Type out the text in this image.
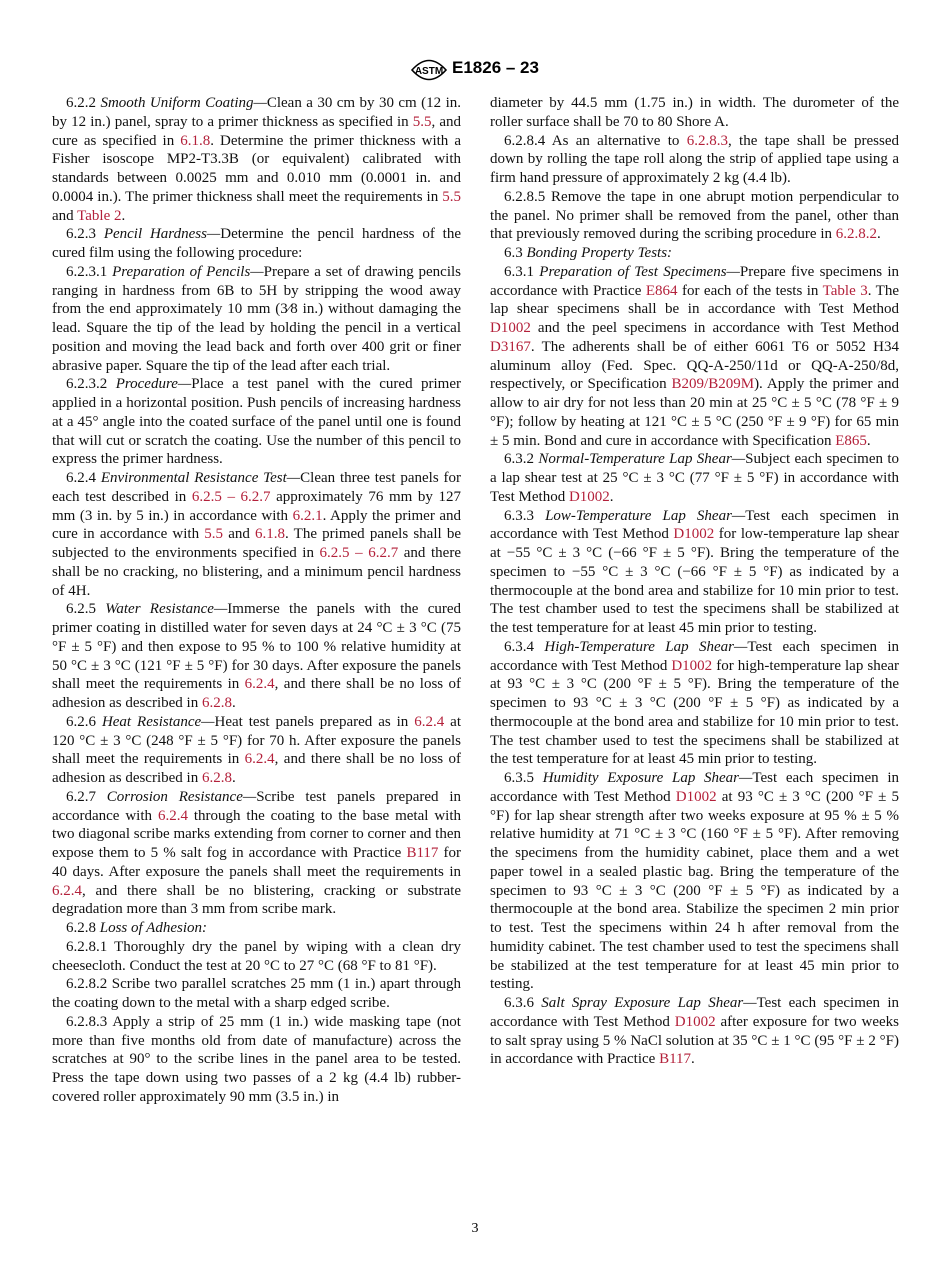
ASTM E1826 – 23

6.2.2 Smooth Uniform Coating—Clean a 30 cm by 30 cm (12 in. by 12 in.) panel, spray to a primer thickness as specified in 5.5, and cure as specified in 6.1.8. Determine the primer thickness with a Fisher isoscope MP2-T3.3B (or equivalent) calibrated with standards between 0.0025 mm and 0.010 mm (0.0001 in. and 0.0004 in.). The primer thickness shall meet the requirements in 5.5 and Table 2.

6.2.3 Pencil Hardness—Determine the pencil hardness of the cured film using the following procedure:

6.2.3.1 Preparation of Pencils—Prepare a set of drawing pencils ranging in hardness from 6B to 5H by stripping the wood away from the end approximately 10 mm (3⁄8 in.) without damaging the lead. Square the tip of the lead by holding the pencil in a vertical position and moving the lead back and forth over 400 grit or finer abrasive paper. Square the tip of the lead after each trial.

6.2.3.2 Procedure—Place a test panel with the cured primer applied in a horizontal position. Push pencils of increasing hardness at a 45° angle into the coated surface of the panel until one is found that will cut or scratch the coating. Use the number of this pencil to express the primer hardness.

6.2.4 Environmental Resistance Test—Clean three test panels for each test described in 6.2.5 – 6.2.7 approximately 76 mm by 127 mm (3 in. by 5 in.) in accordance with 6.2.1. Apply the primer and cure in accordance with 5.5 and 6.1.8. The primed panels shall be subjected to the environments specified in 6.2.5 – 6.2.7 and there shall be no cracking, no blistering, and a minimum pencil hardness of 4H.

6.2.5 Water Resistance—Immerse the panels with the cured primer coating in distilled water for seven days at 24 °C ± 3 °C (75 °F ± 5 °F) and then expose to 95 % to 100 % relative humidity at 50 °C ± 3 °C (121 °F ± 5 °F) for 30 days. After exposure the panels shall meet the requirements in 6.2.4, and there shall be no loss of adhesion as described in 6.2.8.

6.2.6 Heat Resistance—Heat test panels prepared as in 6.2.4 at 120 °C ± 3 °C (248 °F ± 5 °F) for 70 h. After exposure the panels shall meet the requirements in 6.2.4, and there shall be no loss of adhesion as described in 6.2.8.

6.2.7 Corrosion Resistance—Scribe test panels prepared in accordance with 6.2.4 through the coating to the base metal with two diagonal scribe marks extending from corner to corner and then expose them to 5 % salt fog in accordance with Practice B117 for 40 days. After exposure the panels shall meet the requirements in 6.2.4, and there shall be no blistering, cracking or substrate degradation more than 3 mm from scribe mark.

6.2.8 Loss of Adhesion:

6.2.8.1 Thoroughly dry the panel by wiping with a clean dry cheesecloth. Conduct the test at 20 °C to 27 °C (68 °F to 81 °F).

6.2.8.2 Scribe two parallel scratches 25 mm (1 in.) apart through the coating down to the metal with a sharp edged scribe.

6.2.8.3 Apply a strip of 25 mm (1 in.) wide masking tape (not more than five months old from date of manufacture) across the scratches at 90° to the scribe lines in the panel area to be tested. Press the tape down using two passes of a 2 kg (4.4 lb) rubber-covered roller approximately 90 mm (3.5 in.) in

diameter by 44.5 mm (1.75 in.) in width. The durometer of the roller surface shall be 70 to 80 Shore A.

6.2.8.4 As an alternative to 6.2.8.3, the tape shall be pressed down by rolling the tape roll along the strip of applied tape using a firm hand pressure of approximately 2 kg (4.4 lb).

6.2.8.5 Remove the tape in one abrupt motion perpendicular to the panel. No primer shall be removed from the panel, other than that previously removed during the scribing procedure in 6.2.8.2.

6.3 Bonding Property Tests:

6.3.1 Preparation of Test Specimens—Prepare five specimens in accordance with Practice E864 for each of the tests in Table 3. The lap shear specimens shall be in accordance with Test Method D1002 and the peel specimens in accordance with Test Method D3167. The adherents shall be of either 6061 T6 or 5052 H34 aluminum alloy (Fed. Spec. QQ-A-250/11d or QQ-A-250/8d, respectively, or Specification B209/B209M). Apply the primer and allow to air dry for not less than 20 min at 25 °C ± 5 °C (78 °F ± 9 °F); follow by heating at 121 °C ± 5 °C (250 °F ± 9 °F) for 65 min ± 5 min. Bond and cure in accordance with Specification E865.

6.3.2 Normal-Temperature Lap Shear—Subject each specimen to a lap shear test at 25 °C ± 3 °C (77 °F ± 5 °F) in accordance with Test Method D1002.

6.3.3 Low-Temperature Lap Shear—Test each specimen in accordance with Test Method D1002 for low-temperature lap shear at −55 °C ± 3 °C (−66 °F ± 5 °F). Bring the temperature of the specimen to −55 °C ± 3 °C (−66 °F ± 5 °F) as indicated by a thermocouple at the bond area and stabilize for 10 min prior to test. The test chamber used to test the specimens shall be stabilized at the test temperature for at least 45 min prior to testing.

6.3.4 High-Temperature Lap Shear—Test each specimen in accordance with Test Method D1002 for high-temperature lap shear at 93 °C ± 3 °C (200 °F ± 5 °F). Bring the temperature of the specimen to 93 °C ± 3 °C (200 °F ± 5 °F) as indicated by a thermocouple at the bond area and stabilize for 10 min prior to test. The test chamber used to test the specimens shall be stabilized at the test temperature for at least 45 min prior to testing.

6.3.5 Humidity Exposure Lap Shear—Test each specimen in accordance with Test Method D1002 at 93 °C ± 3 °C (200 °F ± 5 °F) for lap shear strength after two weeks exposure at 95 % ± 5 % relative humidity at 71 °C ± 3 °C (160 °F ± 5 °F). After removing the specimens from the humidity cabinet, place them and a wet paper towel in a sealed plastic bag. Bring the temperature of the specimen to 93 °C ± 3 °C (200 °F ± 5 °F) as indicated by a thermocouple at the bond area. Stabilize the specimen 2 min prior to test. Test the specimens within 24 h after removal from the humidity cabinet. The test chamber used to test the specimens shall be stabilized at the test temperature for at least 45 min prior to testing.

6.3.6 Salt Spray Exposure Lap Shear—Test each specimen in accordance with Test Method D1002 after exposure for two weeks to salt spray using 5 % NaCl solution at 35 °C ± 1 °C (95 °F ± 2 °F) in accordance with Practice B117.

3
